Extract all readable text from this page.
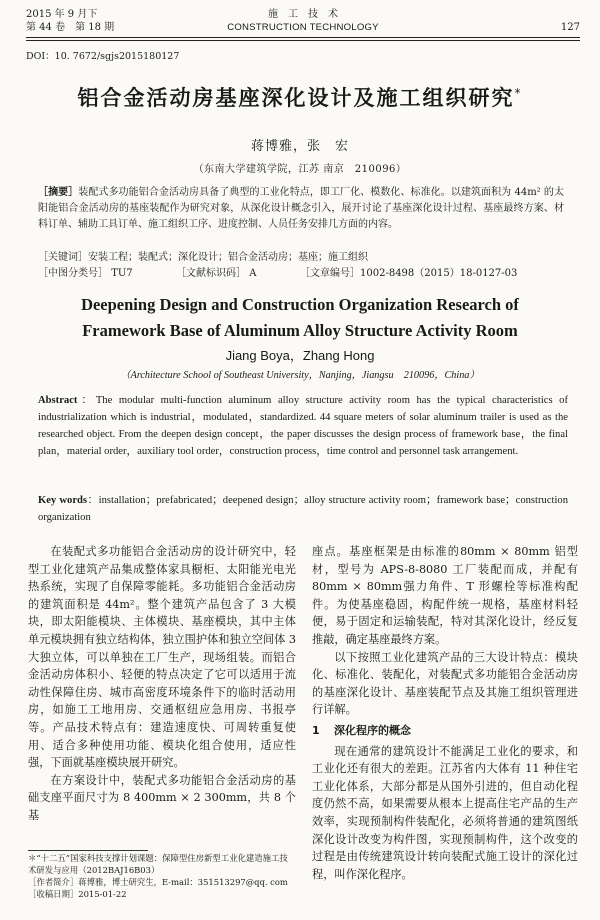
2015 年 9 月下
第 44 卷　第 18 期
施　工　技　术
CONSTRUCTION TECHNOLOGY	127
DOI：10. 7672/sgjs2015180127
铝合金活动房基座深化设计及施工组织研究*
蒋博雅，张　宏
（东南大学建筑学院，江苏 南京　210096）
［摘要］装配式多功能铝合金活动房具备了典型的工业化特点，即工厂化、模数化、标准化。以建筑面积为 44m² 的太阳能铝合金活动房的基座装配作为研究对象，从深化设计概念引入，展开讨论了基座深化设计过程、基座最终方案、材料订单、辅助工具订单、施工组织工序、进度控制、人员任务安排几方面的内容。
［关键词］安装工程；装配式；深化设计；铝合金活动房；基座；施工组织
［中图分类号］ TU7	［文献标识码］ A	［文章编号］1002-8498（2015）18-0127-03
Deepening Design and Construction Organization Research of
Framework Base of Aluminum Alloy Structure Activity Room
Jiang Boya，Zhang Hong
（Architecture School of Southeast University，Nanjing，Jiangsu　210096，China）
Abstract：The modular multi-function aluminum alloy structure activity room has the typical characteristics of industrialization which is industrial，modulated，standardized. 44 square meters of solar aluminum trailer is used as the researched object. From the deepen design concept，the paper discusses the design process of framework base，the final plan，material order，auxiliary tool order，construction process，time control and personnel task arrangement.
Key words：installation；prefabricated；deepened design；alloy structure activity room；framework base；construction organization

在装配式多功能铝合金活动房的设计研究中，轻型工业化建筑产品集成整体家具橱柜、太阳能光电光热系统，实现了自保障零能耗。多功能铝合金活动房的建筑面积是 44m²。整个建筑产品包含了 3 大模块，即太阳能模块、主体模块、基座模块，其中主体单元模块拥有独立结构体，独立围护体和独立空间体 3 大独立体，可以单独在工厂生产，现场组装。而铝合金活动房体积小、轻便的特点决定了它可以适用于流动性保障住房、城市高密度环境条件下的临时活动用房，如施工工地用房、交通枢纽应急用房、书报亭等。产品技术特点有：建造速度快、可周转重复使用、适合多种使用功能、模块化组合使用，适应性强，下面就基座模块展开研究。

在方案设计中，装配式多功能铝合金活动房的基础支座平面尺寸为 8 400mm × 2 300mm，共 8 个基

座点。基座框架是由标准的80mm × 80mm 铝型材，型号为 APS-8-8080 工厂装配而成，并配有80mm × 80mm强力角件、T 形螺栓等标准构配件。为使基座稳固，构配件统一规格，基座材料轻便，易于固定和运输装配，特对其深化设计，经反复推敲，确定基座最终方案。

以下按照工业化建筑产品的三大设计特点：模块化、标准化、装配化，对装配式多功能铝合金活动房的基座深化设计、基座装配节点及其施工组织管理进行详解。

1 深化程序的概念

现在通常的建筑设计不能满足工业化的要求，和工业化还有很大的差距。江苏省内大体有 11 种住宅工业化体系，大部分都是从国外引进的，但自动化程度仍然不高，如果需要从根本上提高住宅产品的生产效率，实现预制构件装配化，必须将普通的建筑图纸深化设计改变为构件图，实现预制构件，这个改变的过程是由传统建筑设计转向装配式施工设计的深化过程，叫作深化程序。

＊“十二五”国家科技支撑计划课题：保障型住房新型工业化建造施工技术研发与应用（2012BAJ16B03）
［作者简介］蒋博雅，博士研究生，E-mail：351513297@qq. com
［收稿日期］2015-01-22
